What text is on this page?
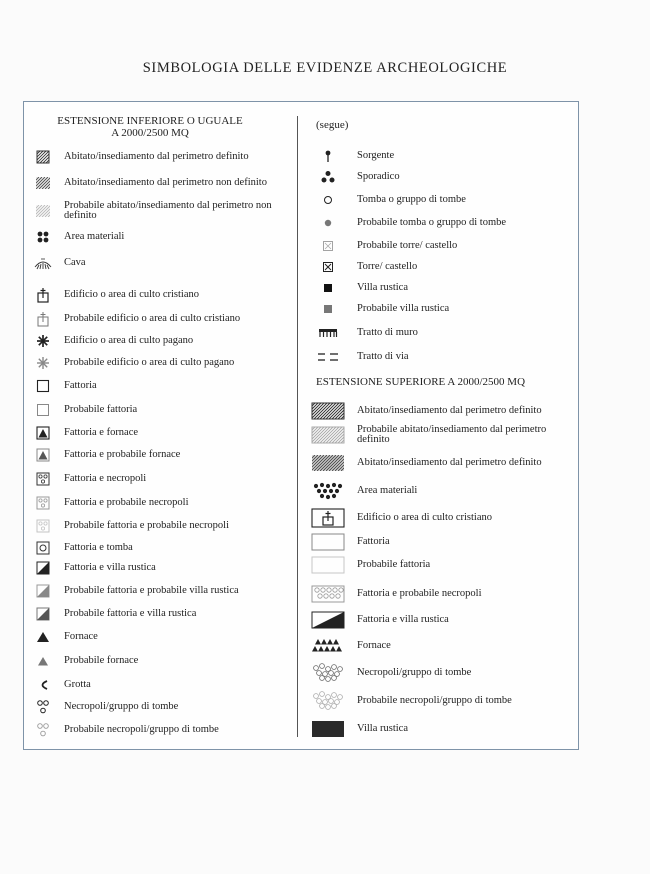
SIMBOLOGIA DELLE EVIDENZE ARCHEOLOGICHE
ESTENSIONE INFERIORE O UGUALE
A 2000/2500 MQ
Abitato/insediamento dal perimetro definito
Abitato/insediamento dal perimetro non definito
Probabile abitato/insediamento dal perimetro non definito
Area materiali
Cava
Edificio o area di culto cristiano
Probabile edificio o area di culto cristiano
Edificio o area di culto pagano
Probabile edificio o area di culto pagano
Fattoria
Probabile fattoria
Fattoria e fornace
Fattoria e probabile fornace
Fattoria e necropoli
Fattoria e probabile necropoli
Probabile fattoria e probabile necropoli
Fattoria e tomba
Fattoria e villa rustica
Probabile fattoria e probabile villa rustica
Probabile fattoria e villa rustica
Fornace
Probabile fornace
Grotta
Necropoli/gruppo di tombe
Probabile necropoli/gruppo di tombe
(segue)
Sorgente
Sporadico
Tomba o gruppo di tombe
Probabile tomba o gruppo di tombe
Probabile torre/ castello
Torre/ castello
Villa rustica
Probabile villa rustica
Tratto di muro
Tratto di via
ESTENSIONE SUPERIORE A 2000/2500 MQ
Abitato/insediamento dal perimetro definito
Probabile abitato/insediamento dal perimetro definito
Abitato/insediamento dal perimetro definito
Area materiali
Edificio o area di culto cristiano
Fattoria
Probabile fattoria
Fattoria e probabile necropoli
Fattoria e villa rustica
Fornace
Necropoli/gruppo di tombe
Probabile necropoli/gruppo di tombe
Villa rustica
